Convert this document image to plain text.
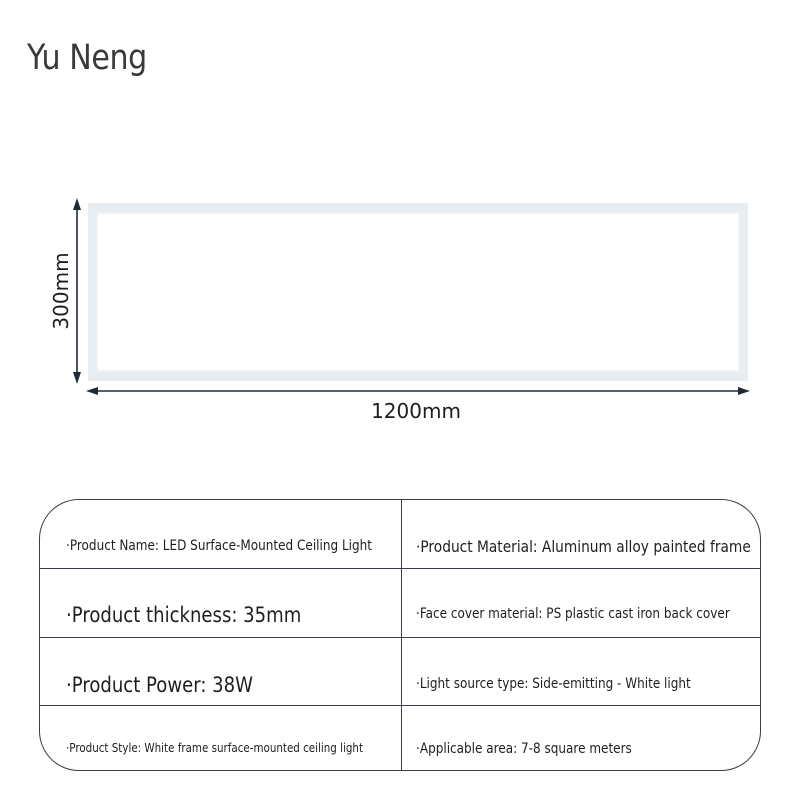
Yu Neng
300mm
1200mm
·Product Name: LED Surface-Mounted Ceiling Light	·Product Material: Aluminum alloy painted frame
·Product thickness: 35mm	·Face cover material: PS plastic cast iron back cover
·Product Power: 38W	·Light source type: Side-emitting - White light
·Product Style: White frame surface-mounted ceiling light	·Applicable area: 7-8 square meters
